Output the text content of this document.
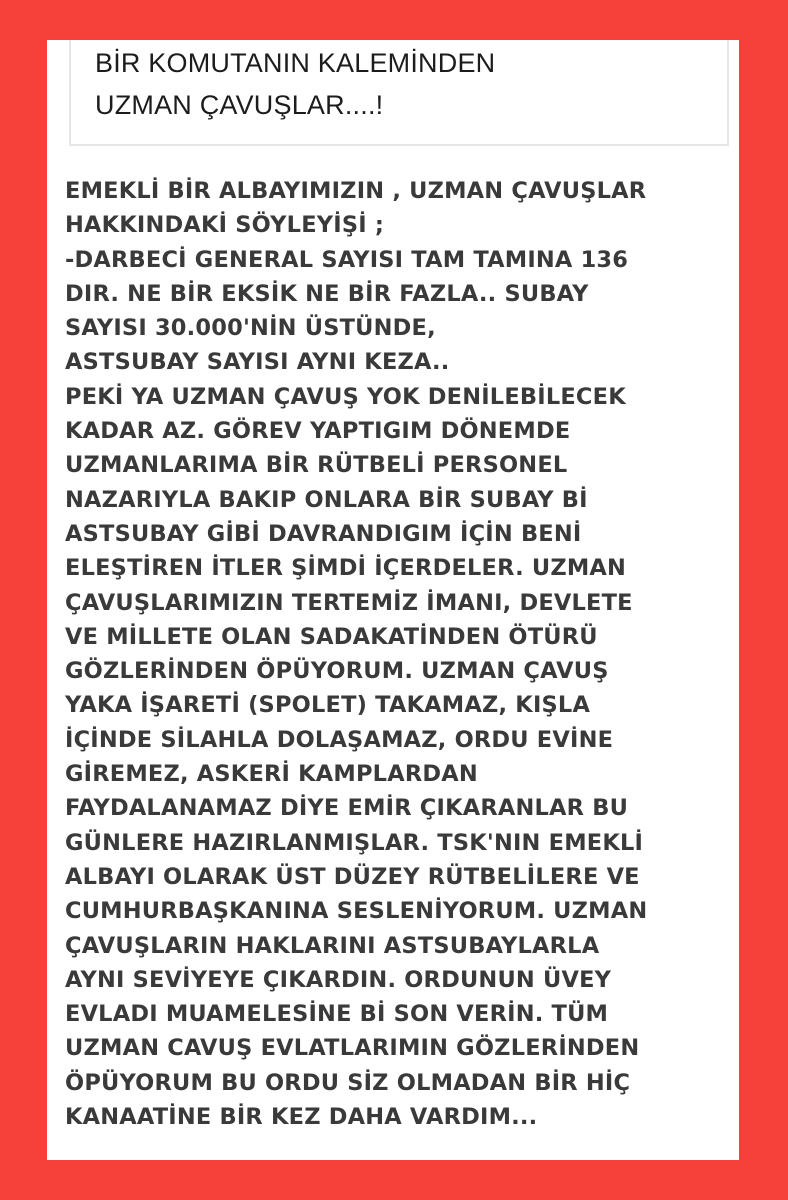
BİR KOMUTANIN KALEMİNDEN
UZMAN ÇAVUŞLAR....!
EMEKLİ BİR ALBAYIMIZIN , UZMAN ÇAVUŞLAR
HAKKINDAKİ SÖYLEYİŞİ ;
-DARBECİ GENERAL SAYISI TAM TAMINA 136
DIR. NE BİR EKSİK NE BİR FAZLA.. SUBAY
SAYISI 30.000'NİN ÜSTÜNDE,
ASTSUBAY SAYISI AYNI KEZA..
PEKİ YA UZMAN ÇAVUŞ YOK DENİLEBİLECEK
KADAR AZ. GÖREV YAPTIGIM DÖNEMDE
UZMANLARIMA BİR RÜTBELİ PERSONEL
NAZARIYLA BAKIP ONLARA BİR SUBAY Bİ
ASTSUBAY GİBİ DAVRANDIGIM İÇİN BENİ
ELEŞTİREN İTLER ŞİMDİ İÇERDELER. UZMAN
ÇAVUŞLARIMIZIN TERTEMİZ İMANI, DEVLETE
VE MİLLETE OLAN SADAKATİNDEN ÖTÜRÜ
GÖZLERİNDEN ÖPÜYORUM. UZMAN ÇAVUŞ
YAKA İŞARETİ (SPOLET) TAKAMAZ, KIŞLA
İÇİNDE SİLAHLA DOLAŞAMAZ, ORDU EVİNE
GİREMEZ, ASKERİ KAMPLARDAN
FAYDALANAMAZ DİYE EMİR ÇIKARANLAR BU
GÜNLERE HAZIRLANMIŞLAR. TSK'NIN EMEKLİ
ALBAYI OLARAK ÜST DÜZEY RÜTBELİLERE VE
CUMHURBAŞKANINA SESLENİYORUM. UZMAN
ÇAVUŞLARIN HAKLARINI ASTSUBAYLARLA
AYNI SEVİYEYE ÇIKARDIN. ORDUNUN ÜVEY
EVLADI MUAMELESİNE Bİ SON VERİN. TÜM
UZMAN CAVUŞ EVLATLARIMIN GÖZLERİNDEN
ÖPÜYORUM BU ORDU SİZ OLMADAN BİR HİÇ
KANAATİNE BİR KEZ DAHA VARDIM...
